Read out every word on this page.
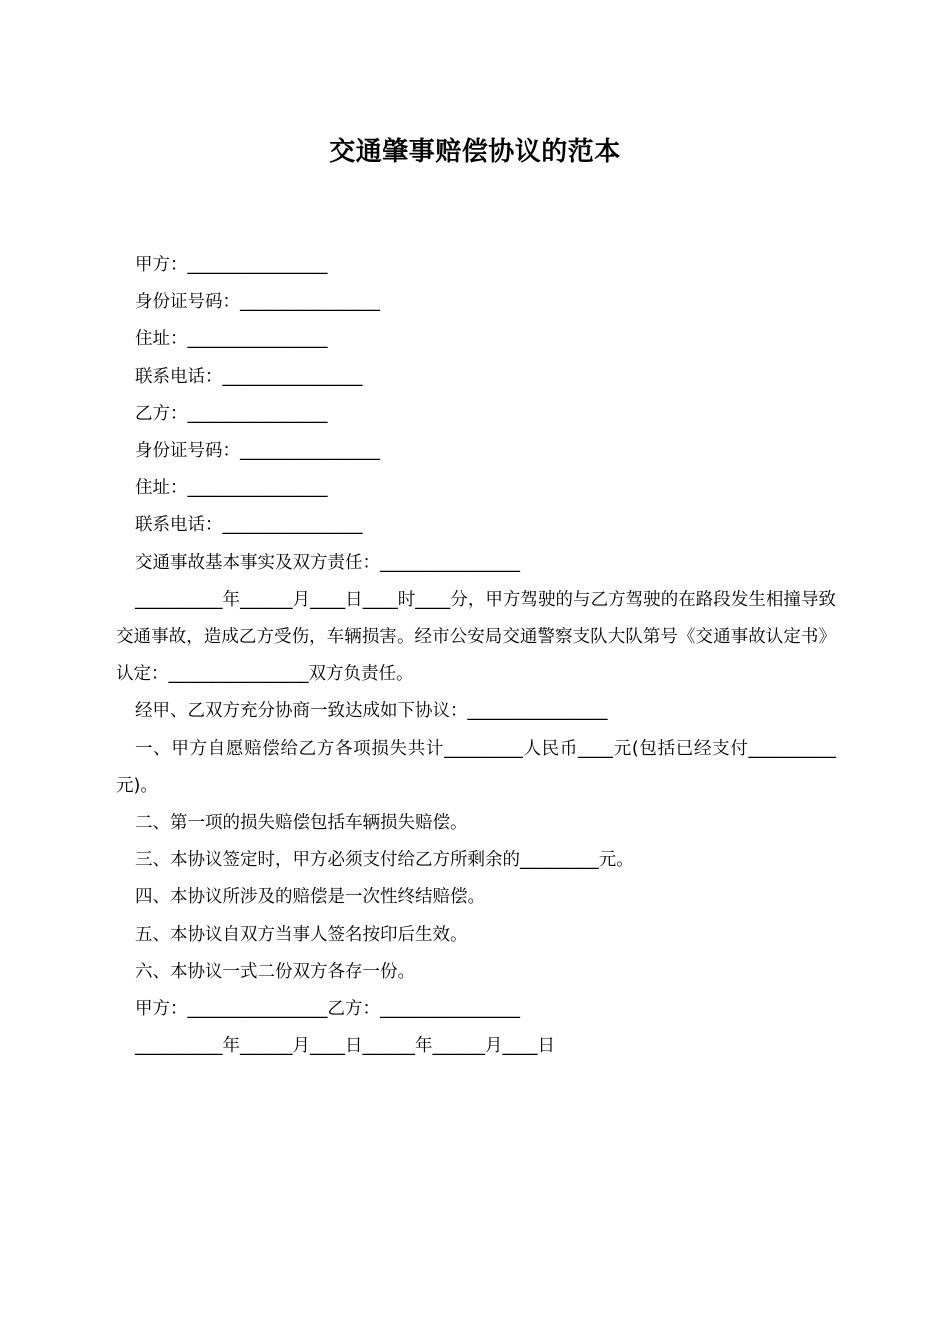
交通肇事赔偿协议的范本

甲方：________________

身份证号码：________________

住址：________________

联系电话：________________

乙方：________________

身份证号码：________________

住址：________________

联系电话：________________

交通事故基本事实及双方责任：________________

__________年______月____日____时____分，甲方驾驶的与乙方驾驶的在路段发生相撞导致交通事故，造成乙方受伤，车辆损害。经市公安局交通警察支队大队第号《交通事故认定书》认定：________________双方负责任。

经甲、乙双方充分协商一致达成如下协议：________________

一、甲方自愿赔偿给乙方各项损失共计_________人民币____元(包括已经支付__________元)。

二、第一项的损失赔偿包括车辆损失赔偿。

三、本协议签定时，甲方必须支付给乙方所剩余的_________元。

四、本协议所涉及的赔偿是一次性终结赔偿。

五、本协议自双方当事人签名按印后生效。

六、本协议一式二份双方各存一份。

甲方：________________乙方：________________

__________年______月____日______年______月____日
